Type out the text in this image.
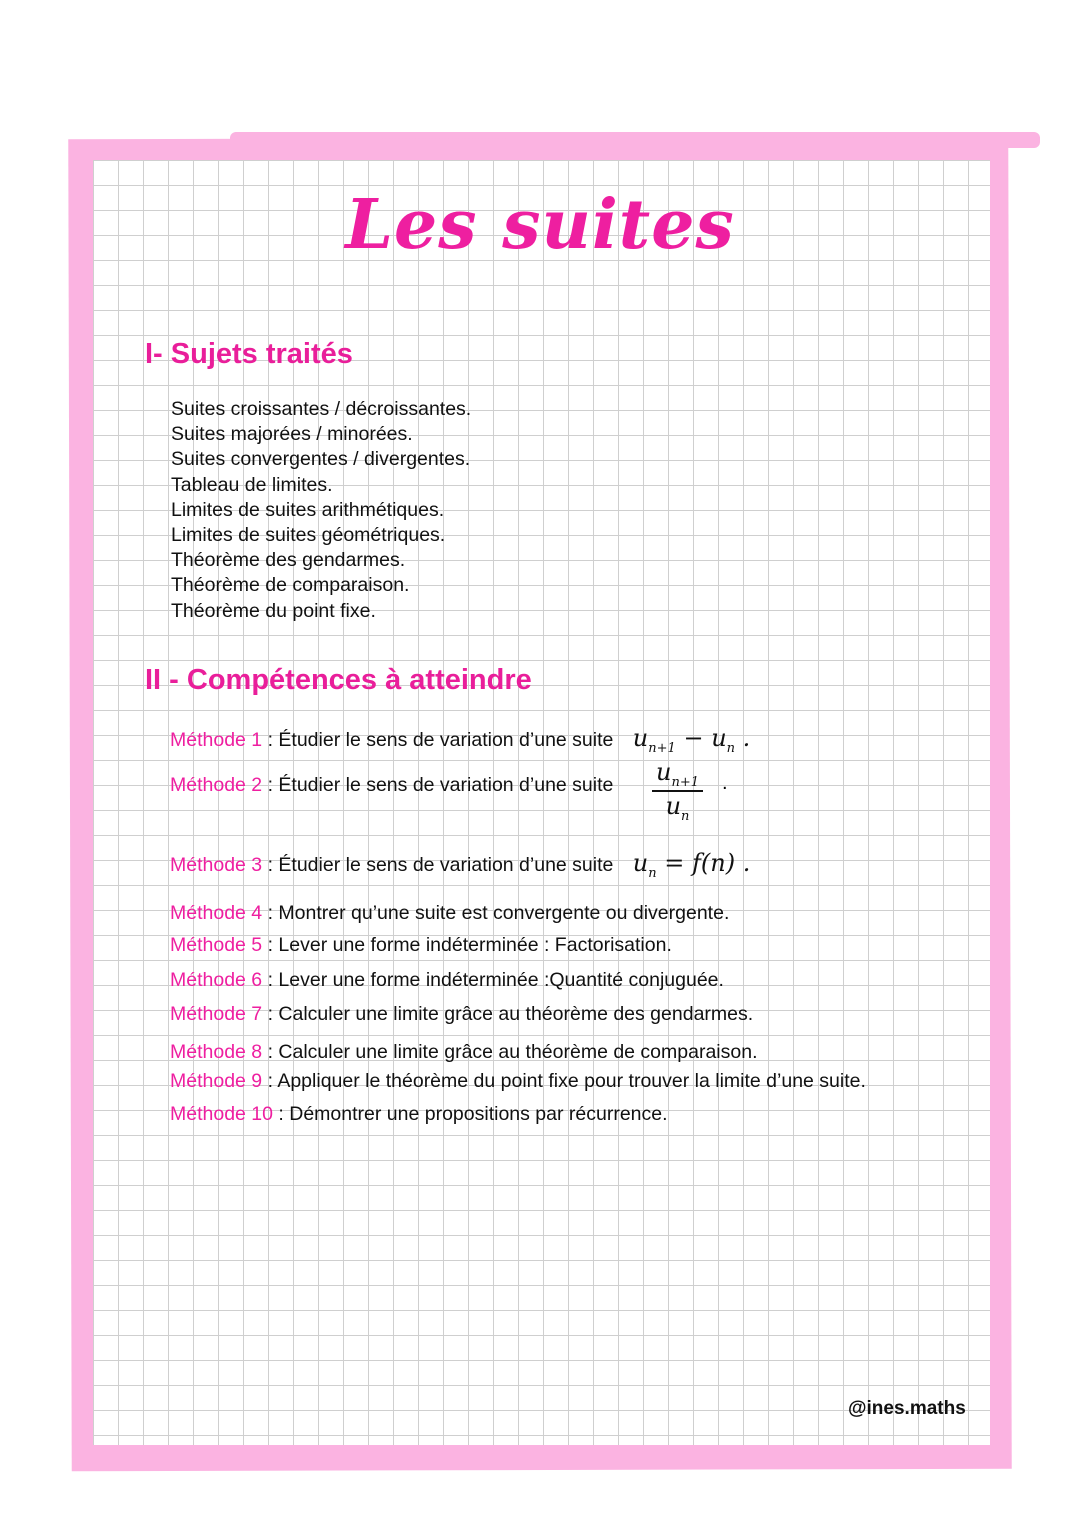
Les suites
I- Sujets traités
Suites croissantes / décroissantes.
Suites majorées / minorées.
Suites convergentes / divergentes.
Tableau de limites.
Limites de suites arithmétiques.
Limites de suites géométriques.
Théorème des gendarmes.
Théorème de comparaison.
Théorème du point fixe.
II - Compétences à atteindre
Méthode 1 : Étudier le sens de variation d’une suite $u_{n+1} - u_n$ .
Méthode 2 : Étudier le sens de variation d’une suite $\frac{u_{n+1}}{u_n}$ .
Méthode 3 : Étudier le sens de variation d’une suite $u_n = f(n)$ .
Méthode 4 : Montrer qu’une suite est convergente ou divergente.
Méthode 5 : Lever une forme indéterminée : Factorisation.
Méthode 6 : Lever une forme indéterminée :Quantité conjuguée.
Méthode 7 : Calculer une limite grâce au théorème des gendarmes.
Méthode 8 : Calculer une limite grâce au théorème de comparaison.
Méthode 9 : Appliquer le théorème du point fixe pour trouver la limite d’une suite.
Méthode 10 : Démontrer une propositions par récurrence.
@ines.maths
